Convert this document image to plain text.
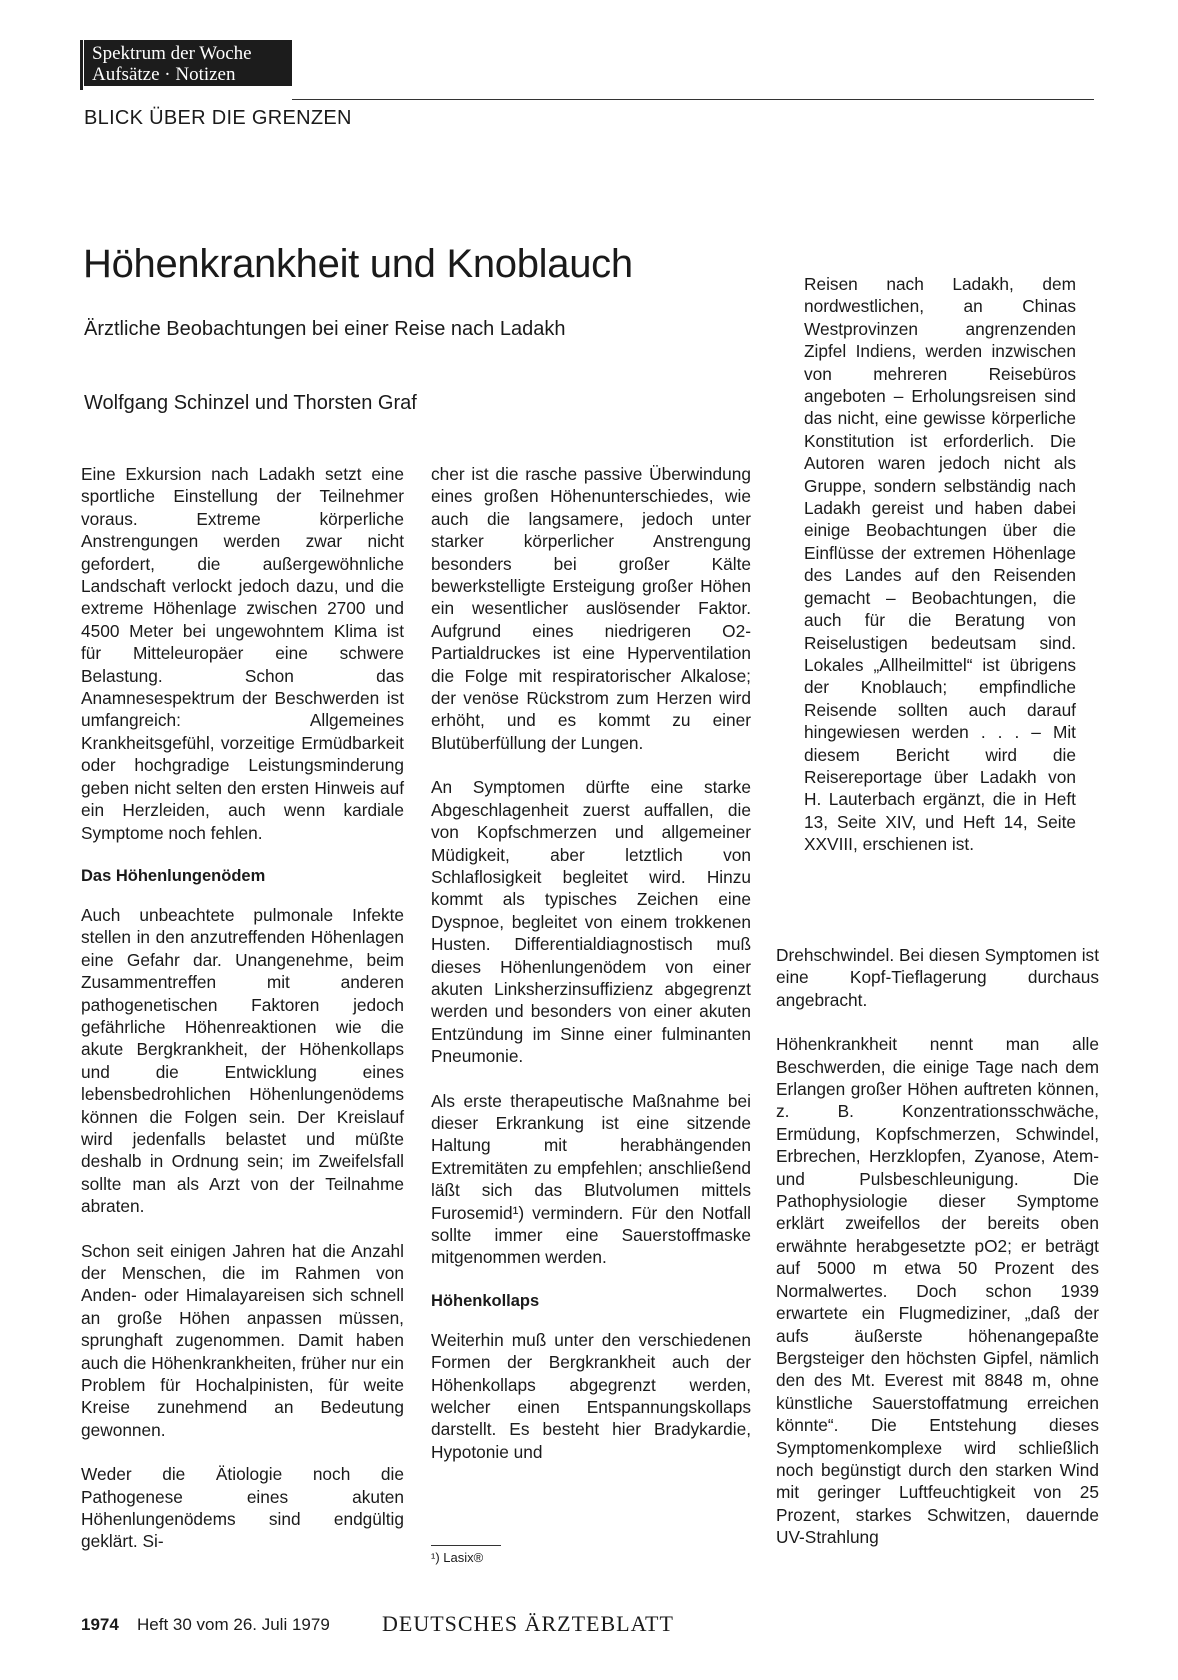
Spektrum der Woche
Aufsätze · Notizen
BLICK ÜBER DIE GRENZEN
Höhenkrankheit und Knoblauch
Ärztliche Beobachtungen bei einer Reise nach Ladakh
Wolfgang Schinzel und Thorsten Graf

Eine Exkursion nach Ladakh setzt eine sportliche Einstellung der Teilnehmer voraus. Extreme körperliche Anstrengungen werden zwar nicht gefordert, die außergewöhnliche Landschaft verlockt jedoch dazu, und die extreme Höhenlage zwischen 2700 und 4500 Meter bei ungewohntem Klima ist für Mitteleuropäer eine schwere Belastung. Schon das Anamnesespektrum der Beschwerden ist umfangreich: Allgemeines Krankheitsgefühl, vorzeitige Ermüdbarkeit oder hochgradige Leistungsminderung geben nicht selten den ersten Hinweis auf ein Herzleiden, auch wenn kardiale Symptome noch fehlen.

Das Höhenlungenödem

Auch unbeachtete pulmonale Infekte stellen in den anzutreffenden Höhenlagen eine Gefahr dar. Unangenehme, beim Zusammentreffen mit anderen pathogenetischen Faktoren jedoch gefährliche Höhenreaktionen wie die akute Bergkrankheit, der Höhenkollaps und die Entwicklung eines lebensbedrohlichen Höhenlungenödems können die Folgen sein. Der Kreislauf wird jedenfalls belastet und müßte deshalb in Ordnung sein; im Zweifelsfall sollte man als Arzt von der Teilnahme abraten.

Schon seit einigen Jahren hat die Anzahl der Menschen, die im Rahmen von Anden- oder Himalayareisen sich schnell an große Höhen anpassen müssen, sprunghaft zugenommen. Damit haben auch die Höhenkrankheiten, früher nur ein Problem für Hochalpinisten, für weite Kreise zunehmend an Bedeutung gewonnen.

Weder die Ätiologie noch die Pathogenese eines akuten Höhenlungenödems sind endgültig geklärt. Si-

cher ist die rasche passive Überwindung eines großen Höhenunterschiedes, wie auch die langsamere, jedoch unter starker körperlicher Anstrengung besonders bei großer Kälte bewerkstelligte Ersteigung großer Höhen ein wesentlicher auslösender Faktor. Aufgrund eines niedrigeren O2-Partialdruckes ist eine Hyperventilation die Folge mit respiratorischer Alkalose; der venöse Rückstrom zum Herzen wird erhöht, und es kommt zu einer Blutüberfüllung der Lungen.

An Symptomen dürfte eine starke Abgeschlagenheit zuerst auffallen, die von Kopfschmerzen und allgemeiner Müdigkeit, aber letztlich von Schlaflosigkeit begleitet wird. Hinzu kommt als typisches Zeichen eine Dyspnoe, begleitet von einem trokkenen Husten. Differentialdiagnostisch muß dieses Höhenlungenödem von einer akuten Linksherzinsuffizienz abgegrenzt werden und besonders von einer akuten Entzündung im Sinne einer fulminanten Pneumonie.

Als erste therapeutische Maßnahme bei dieser Erkrankung ist eine sitzende Haltung mit herabhängenden Extremitäten zu empfehlen; anschließend läßt sich das Blutvolumen mittels Furosemid¹) vermindern. Für den Notfall sollte immer eine Sauerstoffmaske mitgenommen werden.

Höhenkollaps

Weiterhin muß unter den verschiedenen Formen der Bergkrankheit auch der Höhenkollaps abgegrenzt werden, welcher einen Entspannungskollaps darstellt. Es besteht hier Bradykardie, Hypotonie und

¹) Lasix®

Reisen nach Ladakh, dem nordwestlichen, an Chinas Westprovinzen angrenzenden Zipfel Indiens, werden inzwischen von mehreren Reisebüros angeboten – Erholungsreisen sind das nicht, eine gewisse körperliche Konstitution ist erforderlich. Die Autoren waren jedoch nicht als Gruppe, sondern selbständig nach Ladakh gereist und haben dabei einige Beobachtungen über die Einflüsse der extremen Höhenlage des Landes auf den Reisenden gemacht – Beobachtungen, die auch für die Beratung von Reiselustigen bedeutsam sind. Lokales „Allheilmittel“ ist übrigens der Knoblauch; empfindliche Reisende sollten auch darauf hingewiesen werden . . . – Mit diesem Bericht wird die Reisereportage über Ladakh von H. Lauterbach ergänzt, die in Heft 13, Seite XIV, und Heft 14, Seite XXVIII, erschienen ist.

Drehschwindel. Bei diesen Symptomen ist eine Kopf-Tieflagerung durchaus angebracht.

Höhenkrankheit nennt man alle Beschwerden, die einige Tage nach dem Erlangen großer Höhen auftreten können, z. B. Konzentrationsschwäche, Ermüdung, Kopfschmerzen, Schwindel, Erbrechen, Herzklopfen, Zyanose, Atem- und Pulsbeschleunigung. Die Pathophysiologie dieser Symptome erklärt zweifellos der bereits oben erwähnte herabgesetzte pO2; er beträgt auf 5000 m etwa 50 Prozent des Normalwertes. Doch schon 1939 erwartete ein Flugmediziner, „daß der aufs äußerste höhenangepaßte Bergsteiger den höchsten Gipfel, nämlich den des Mt. Everest mit 8848 m, ohne künstliche Sauerstoffatmung erreichen könnte“. Die Entstehung dieses Symptomenkomplexe wird schließlich noch begünstigt durch den starken Wind mit geringer Luftfeuchtigkeit von 25 Prozent, starkes Schwitzen, dauernde UV-Strahlung

1974 Heft 30 vom 26. Juli 1979 DEUTSCHES ÄRZTEBLATT
